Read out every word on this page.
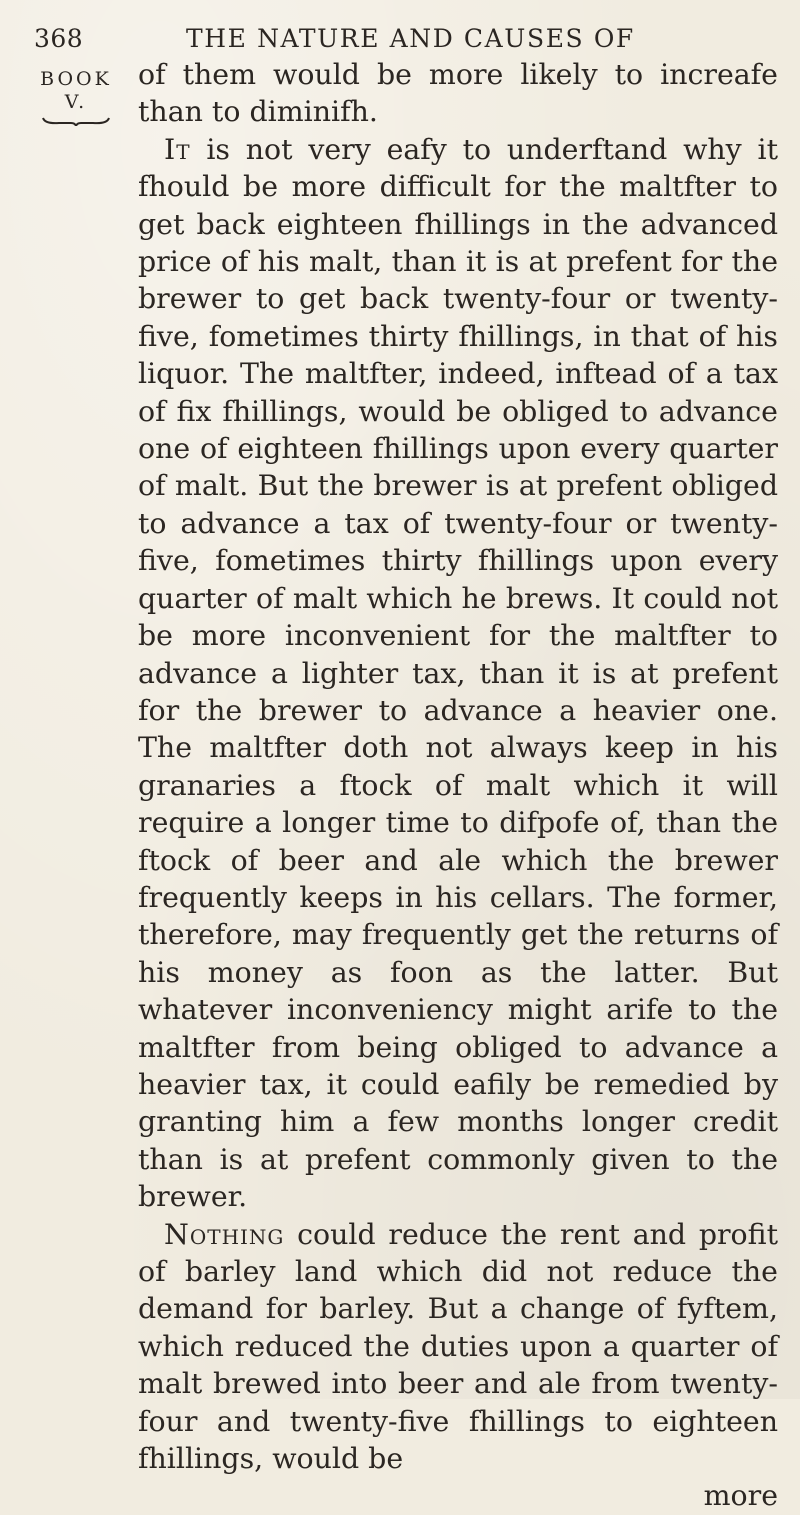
368	THE NATURE AND CAUSES OF
BOOK
V.

of them would be more likely to increafe than to diminifh.

It is not very eafy to underftand why it fhould be more difficult for the maltfter to get back eighteen fhillings in the advanced price of his malt, than it is at prefent for the brewer to get back twenty-four or twenty-five, fometimes thirty fhillings, in that of his liquor. The maltfter, indeed, inftead of a tax of fix fhillings, would be obliged to advance one of eighteen fhillings upon every quarter of malt. But the brewer is at prefent obliged to advance a tax of twenty-four or twenty-five, fometimes thirty fhillings upon every quarter of malt which he brews. It could not be more inconvenient for the maltfter to advance a lighter tax, than it is at prefent for the brewer to advance a heavier one. The maltfter doth not always keep in his granaries a ftock of malt which it will require a longer time to difpofe of, than the ftock of beer and ale which the brewer frequently keeps in his cellars. The former, therefore, may frequently get the returns of his money as foon as the latter. But whatever inconveniency might arife to the maltfter from being obliged to advance a heavier tax, it could eafily be remedied by granting him a few months longer credit than is at prefent commonly given to the brewer.

Nothing could reduce the rent and profit of barley land which did not reduce the demand for barley. But a change of fyftem, which reduced the duties upon a quarter of malt brewed into beer and ale from twenty-four and twenty-five fhillings to eighteen fhillings, would be

more
